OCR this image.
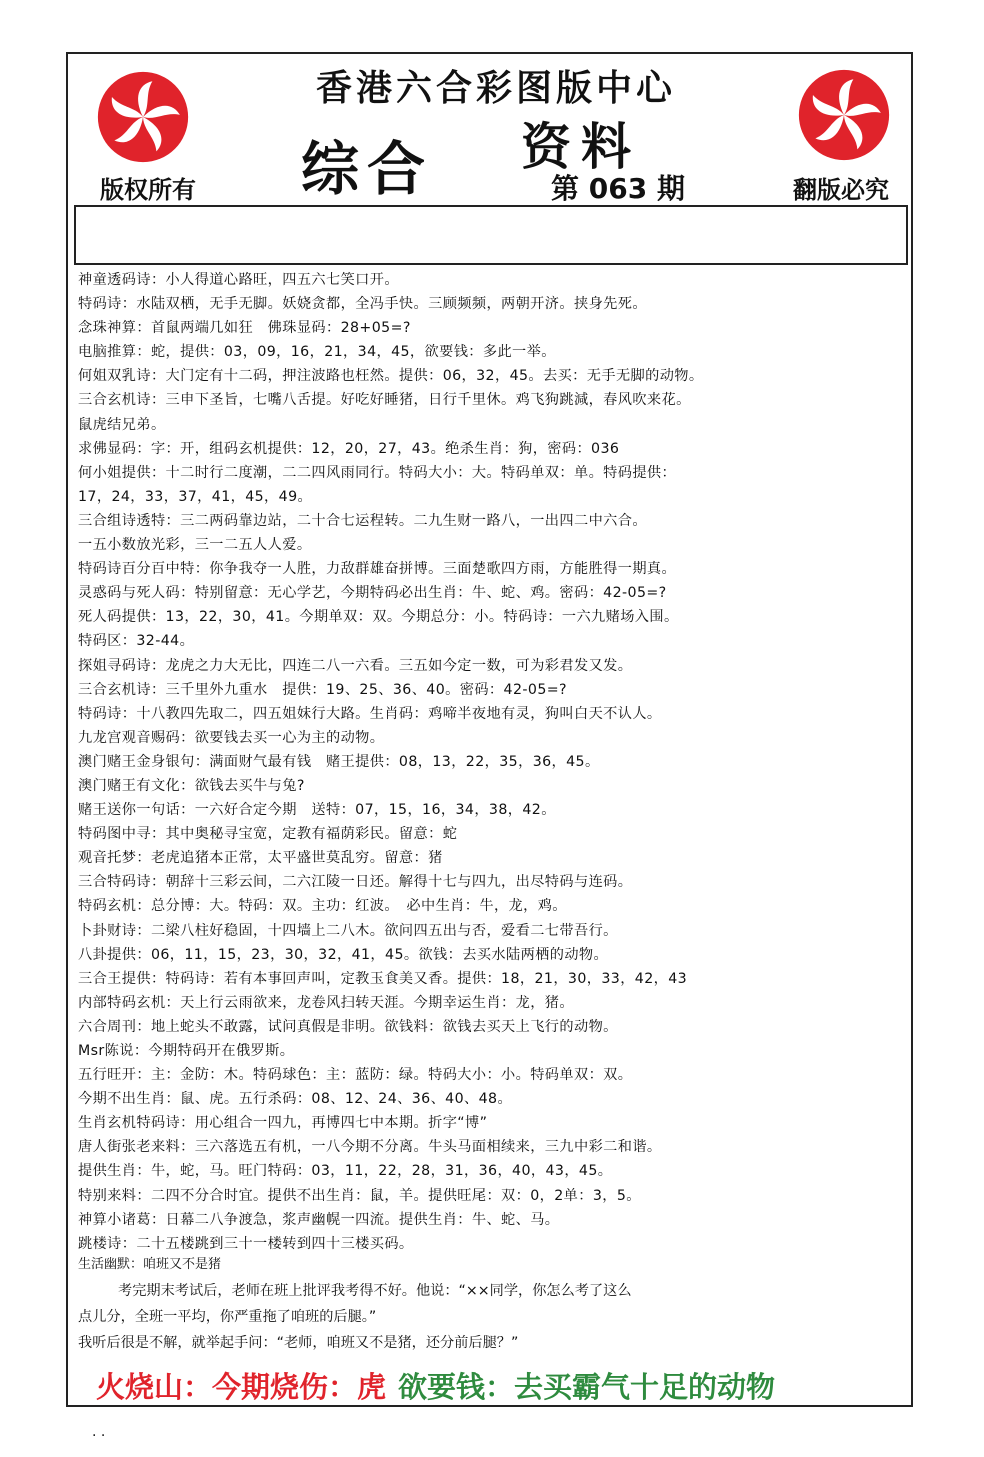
香港六合彩图版中心
综合 资料
第 063 期
版权所有	翻版必究
神童透码诗：小人得道心路旺，四五六七笑口开。
特码诗：水陆双栖，无手无脚。妖娆贪都，全冯手快。三顾频频，两朝开济。挟身先死。
念珠神算：首鼠两端几如狂　佛珠显码：28+05=?
电脑推算：蛇，提供：03，09，16，21，34，45，欲要钱：多此一举。
何姐双乳诗：大门定有十二码，押注波路也枉然。提供：06，32，45。去买：无手无脚的动物。
三合玄机诗：三申下圣旨，七嘴八舌提。好吃好睡猪，日行千里休。鸡飞狗跳減，春风吹来花。
鼠虎结兄弟。
求佛显码：字：开，组码玄机提供：12，20，27，43。绝杀生肖：狗，密码：036
何小姐提供：十二时行二度潮，二二四风雨同行。特码大小：大。特码单双：单。特码提供：
17，24，33，37，41，45，49。
三合组诗透特：三二两码靠边站，二十合七运程转。二九生财一路八，一出四二中六合。
一五小数放光彩，三一二五人人爱。
特码诗百分百中特：你争我夺一人胜，力敌群雄奋拼博。三面楚歌四方雨，方能胜得一期真。
灵惑码与死人码：特别留意：无心学艺，今期特码必出生肖：牛、蛇、鸡。密码：42-05=?
死人码提供：13，22，30，41。今期单双：双。今期总分：小。特码诗：一六九赌场入围。
特码区：32-44。
探姐寻码诗：龙虎之力大无比，四连二八一六看。三五如今定一数，可为彩君发又发。
三合玄机诗：三千里外九重水　提供：19、25、36、40。密码：42-05=?
特码诗：十八教四先取二，四五姐妹行大路。生肖码：鸡啼半夜地有灵，狗叫白天不认人。
九龙宫观音赐码：欲要钱去买一心为主的动物。
澳门赌王金身银句：满面财气最有钱　赌王提供：08，13，22，35，36，45。
澳门赌王有文化：欲钱去买牛与兔?
赌王送你一句话：一六好合定今期　送特：07，15，16，34，38，42。
特码图中寻：其中奥秘寻宝宽，定教有福荫彩民。留意：蛇
观音托梦：老虎追猪本正常，太平盛世莫乱穷。留意：猪
三合特码诗：朝辞十三彩云间，二六江陵一日还。解得十七与四九，出尽特码与连码。
特码玄机：总分博：大。特码：双。主功：红波。　必中生肖：牛，龙，鸡。
卜卦财诗：二梁八柱好稳固，十四墙上二八木。欲问四五出与否，爱看二七带吾行。
八卦提供：06，11，15，23，30，32，41，45。欲钱：去买水陆两栖的动物。
三合王提供：特码诗：若有本事回声叫，定教玉食美又香。提供：18，21，30，33，42，43
内部特码玄机：天上行云雨欲来，龙卷风扫转天涯。今期幸运生肖：龙，猪。
六合周刊：地上蛇头不敢露，试问真假是非明。欲钱料：欲钱去买天上飞行的动物。
Msr陈说：今期特码开在俄罗斯。
五行旺开：主：金防：木。特码球色：主：蓝防：绿。特码大小：小。特码单双：双。
今期不出生肖：鼠、虎。五行杀码：08、12、24、36、40、48。
生肖玄机特码诗：用心组合一四九，再博四七中本期。折字“博”
唐人街张老来料：三六落选五有机，一八今期不分离。牛头马面相续来，三九中彩二和谐。
提供生肖：牛，蛇，马。旺门特码：03，11，22，28，31，36，40，43，45。
特别来料：二四不分合时宜。提供不出生肖：鼠，羊。提供旺尾：双：0，2单：3，5。
神算小诸葛：日幕二八争渡急，浆声幽幌一四流。提供生肖：牛、蛇、马。
跳楼诗：二十五楼跳到三十一楼转到四十三楼买码。
生活幽默：咱班又不是猪
考完期末考试后，老师在班上批评我考得不好。他说：“××同学，你怎么考了这么
点儿分，全班一平均，你严重拖了咱班的后腿。”
我听后很是不解，就举起手问：“老师，咱班又不是猪，还分前后腿？”
火烧山：今期烧伤：虎 欲要钱：去买霸气十足的动物
. .
